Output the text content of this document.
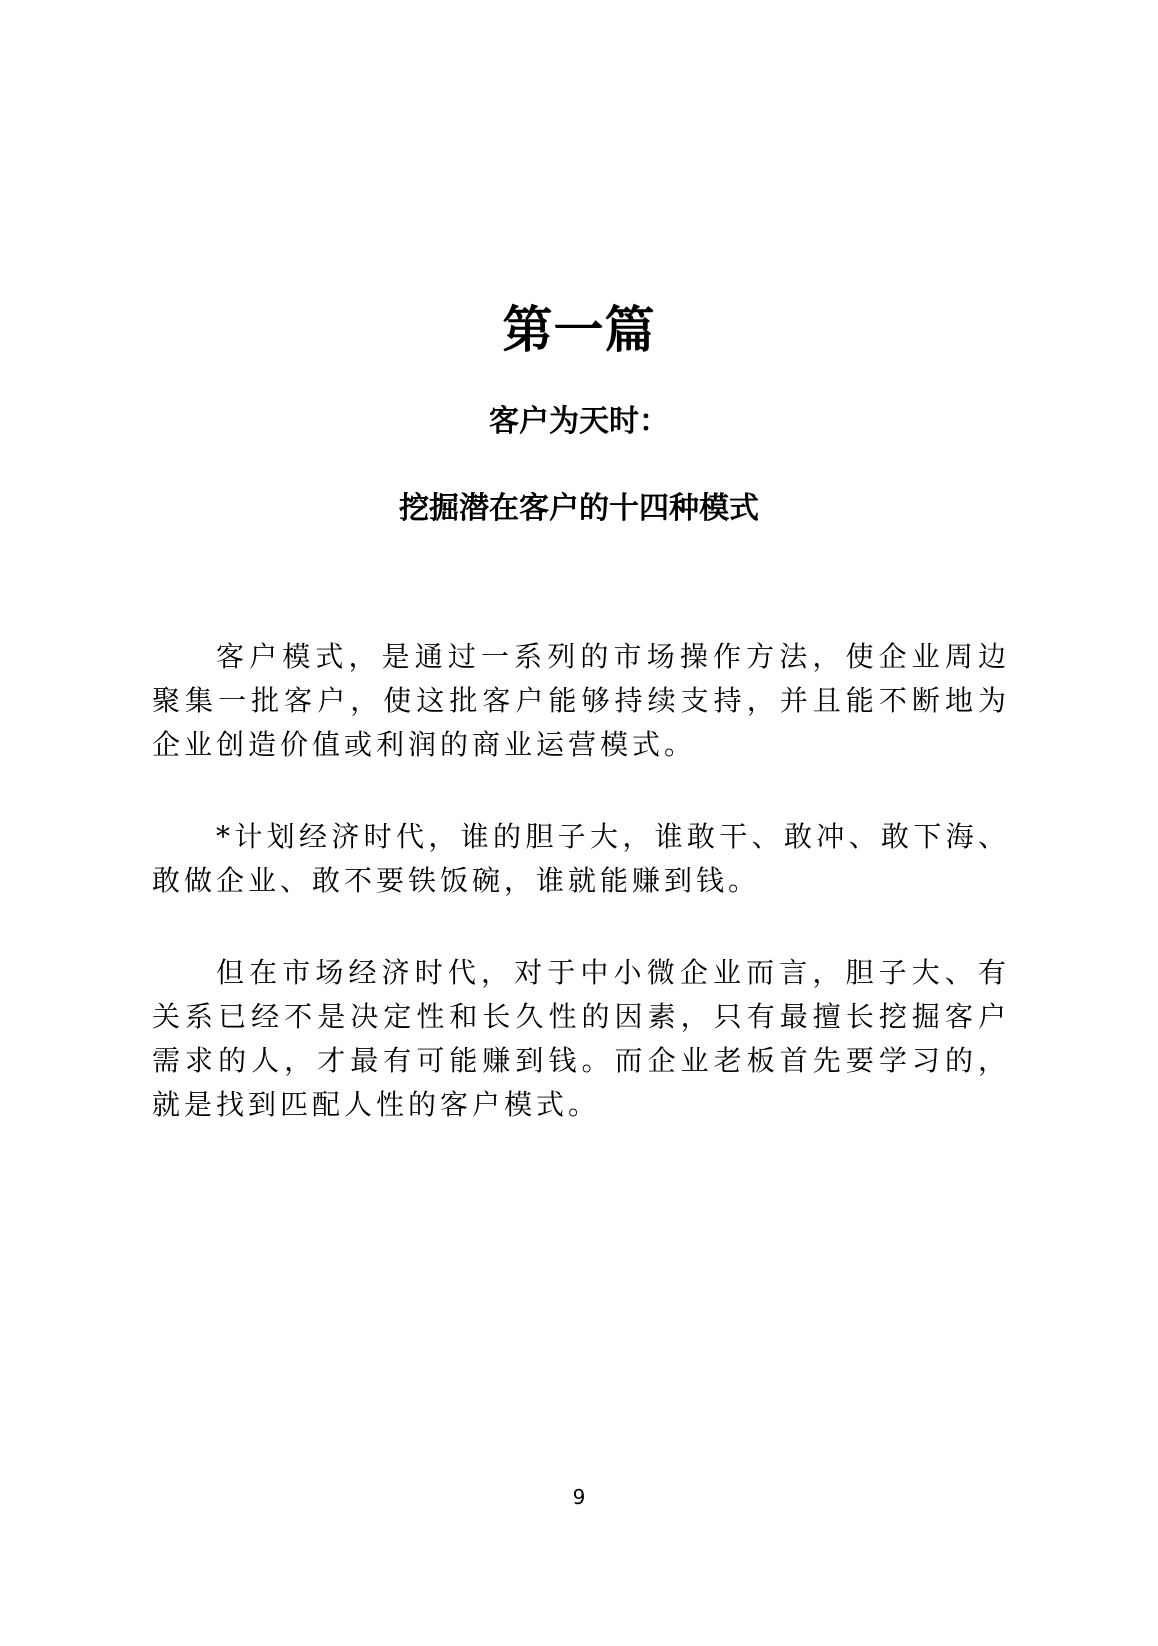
第一篇
客户为天时：
挖掘潜在客户的十四种模式

客户模式，是通过一系列的市场操作方法，使企业周边聚集一批客户，使这批客户能够持续支持，并且能不断地为企业创造价值或利润的商业运营模式。

*计划经济时代，谁的胆子大，谁敢干、敢冲、敢下海、敢做企业、敢不要铁饭碗，谁就能赚到钱。

但在市场经济时代，对于中小微企业而言，胆子大、有关系已经不是决定性和长久性的因素，只有最擅长挖掘客户需求的人，才最有可能赚到钱。而企业老板首先要学习的，就是找到匹配人性的客户模式。

9
